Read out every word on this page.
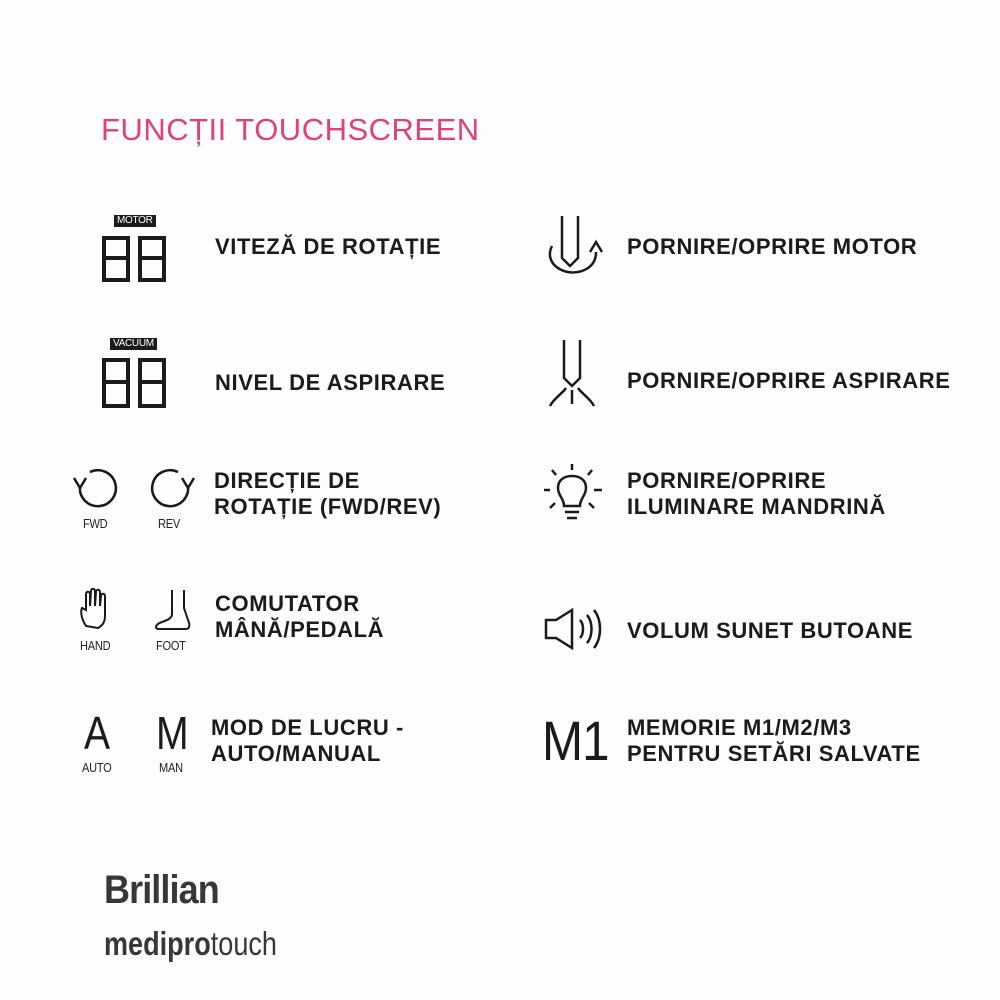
FUNCȚII TOUCHSCREEN
MOTOR
VITEZĂ DE ROTAȚIE
VACUUM
NIVEL DE ASPIRARE
FWD	REV
DIRECȚIE DE
ROTAȚIE (FWD/REV)
HAND	FOOT
COMUTATOR
MÂNĂ/PEDALĂ
A M
AUTO	MAN
MOD DE LUCRU -
AUTO/MANUAL
PORNIRE/OPRIRE MOTOR
PORNIRE/OPRIRE ASPIRARE
PORNIRE/OPRIRE
ILUMINARE MANDRINĂ
VOLUM SUNET BUTOANE
M1 MEMORIE M1/M2/M3
PENTRU SETĂRI SALVATE
Brillian
mediprotouch
